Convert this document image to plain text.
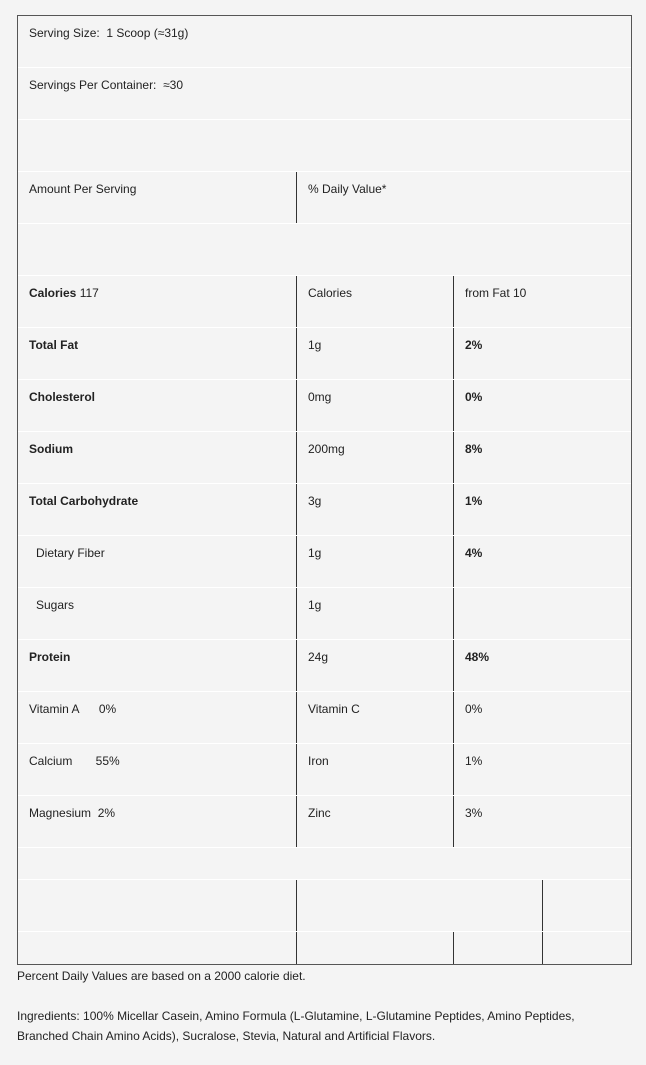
Serving Size:  1 Scoop (≈31g)
Servings Per Container:  ≈30
Amount Per Serving	% Daily Value*
Calories 117	Calories	from Fat 10
Total Fat	1g	2%
Cholesterol	0mg	0%
Sodium	200mg	8%
Total Carbohydrate	3g	1%
Dietary Fiber	1g	4%
Sugars	1g
Protein	24g	48%
Vitamin A      0%	Vitamin C	0%
Calcium       55%	Iron	1%
Magnesium  2%	Zinc	3%

Percent Daily Values are based on a 2000 calorie diet.

Ingredients: 100% Micellar Casein, Amino Formula (L-Glutamine, L-Glutamine Peptides, Amino Peptides, Branched Chain Amino Acids), Sucralose, Stevia, Natural and Artificial Flavors.
